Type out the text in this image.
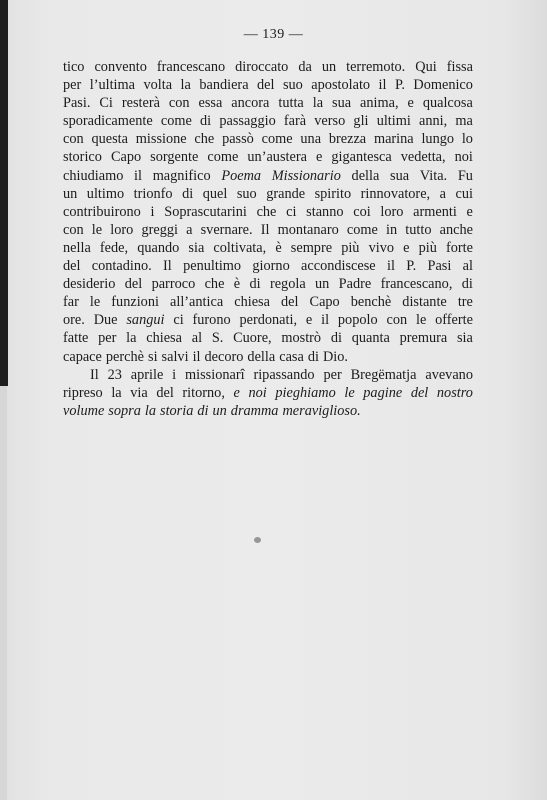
— 139 —
tico convento francescano diroccato da un terremoto. Qui fissa
per l’ultima volta la bandiera del suo apostolato il P. Domenico
Pasi. Ci resterà con essa ancora tutta la sua anima, e qualcosa
sporadicamente come di passaggio farà verso gli ultimi anni, ma
con questa missione che passò come una brezza marina lungo lo
storico Capo sorgente come un’austera e gigantesca vedetta, noi
chiudiamo il magnifico Poema Missionario della sua Vita. Fu
un ultimo trionfo di quel suo grande spirito rinnovatore, a cui
contribuirono i Soprascutarini che ci stanno coi loro armenti e
con le loro greggi a svernare. Il montanaro come in tutto anche
nella fede, quando sia coltivata, è sempre più vivo e più forte
del contadino. Il penultimo giorno accondiscese il P. Pasi al
desiderio del parroco che è di regola un Padre francescano, di
far le funzioni all’antica chiesa del Capo benchè distante tre
ore. Due sangui ci furono perdonati, e il popolo con le offerte
fatte per la chiesa al S. Cuore, mostrò di quanta premura sia
capace perchè si salvi il decoro della casa di Dio.
Il 23 aprile i missionarî ripassando per Bregëmatja avevano
ripreso la via del ritorno, e noi pieghiamo le pagine del nostro
volume sopra la storia di un dramma meraviglioso.
